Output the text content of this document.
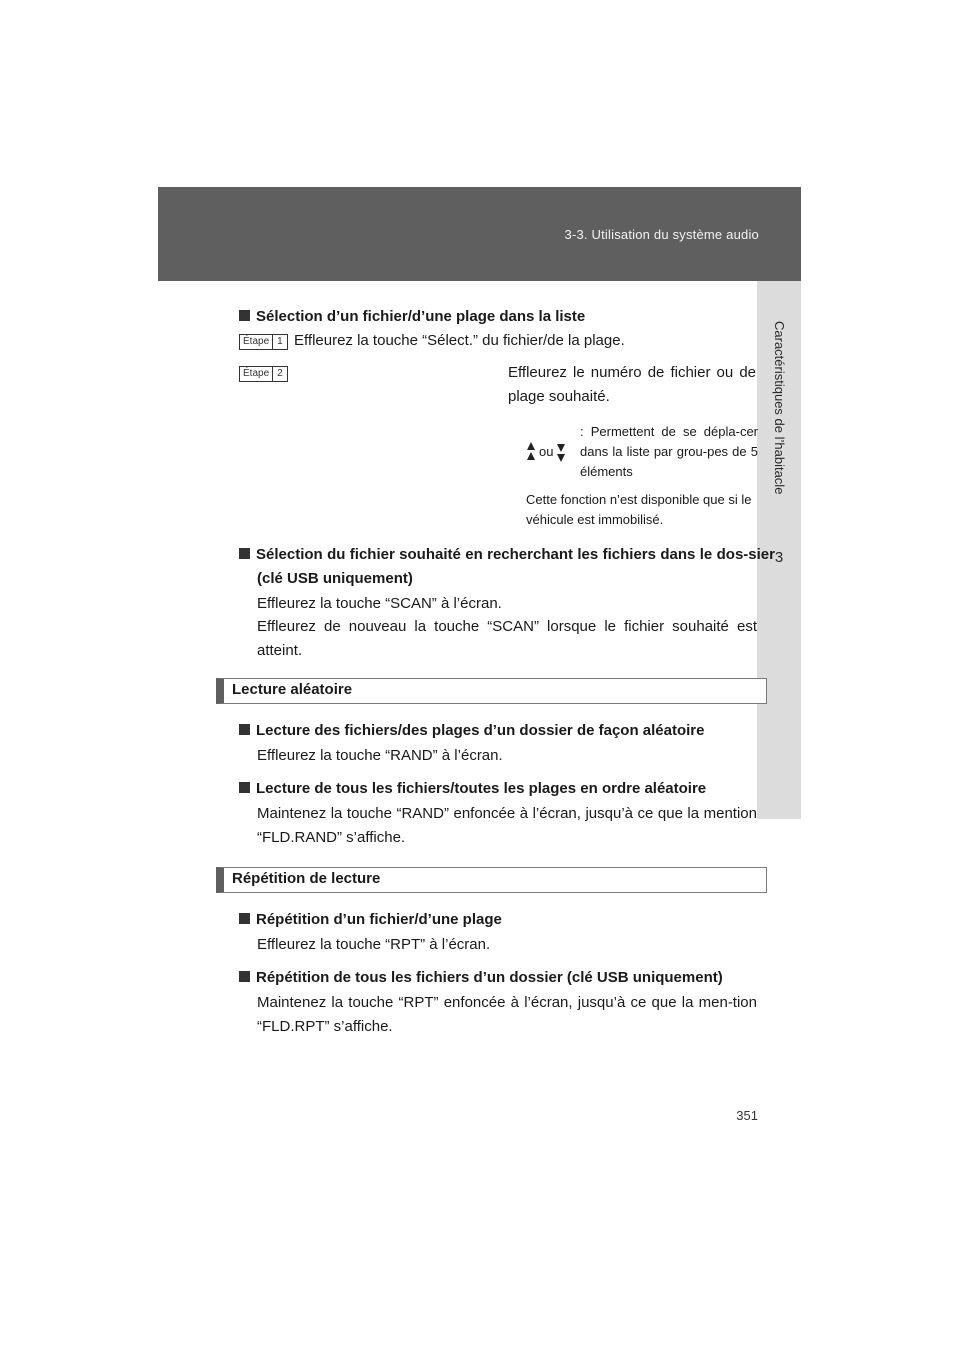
3-3. Utilisation du système audio
3
Caractéristiques de l’habitacle
Sélection d’un fichier/d’une plage dans la liste
Étape 1 Effleurez la touche “Sélect.” du fichier/de la plage.
Étape 2	Effleurez le numéro de fichier ou de plage souhaité.
ou
: Permettent de se dépla-cer dans la liste par grou-pes de 5 éléments
Cette fonction n’est disponible que si le véhicule est immobilisé.
Sélection du fichier souhaité en recherchant les fichiers dans le dos-sier (clé USB uniquement)
Effleurez la touche “SCAN” à l’écran.
Effleurez de nouveau la touche “SCAN” lorsque le fichier souhaité est atteint.
Lecture aléatoire
Lecture des fichiers/des plages d’un dossier de façon aléatoire
Effleurez la touche “RAND” à l’écran.
Lecture de tous les fichiers/toutes les plages en ordre aléatoire
Maintenez la touche “RAND” enfoncée à l’écran, jusqu’à ce que la mention “FLD.RAND” s’affiche.
Répétition de lecture
Répétition d’un fichier/d’une plage
Effleurez la touche “RPT” à l’écran.
Répétition de tous les fichiers d’un dossier (clé USB uniquement)
Maintenez la touche “RPT” enfoncée à l’écran, jusqu’à ce que la men-tion “FLD.RPT” s’affiche.
351
